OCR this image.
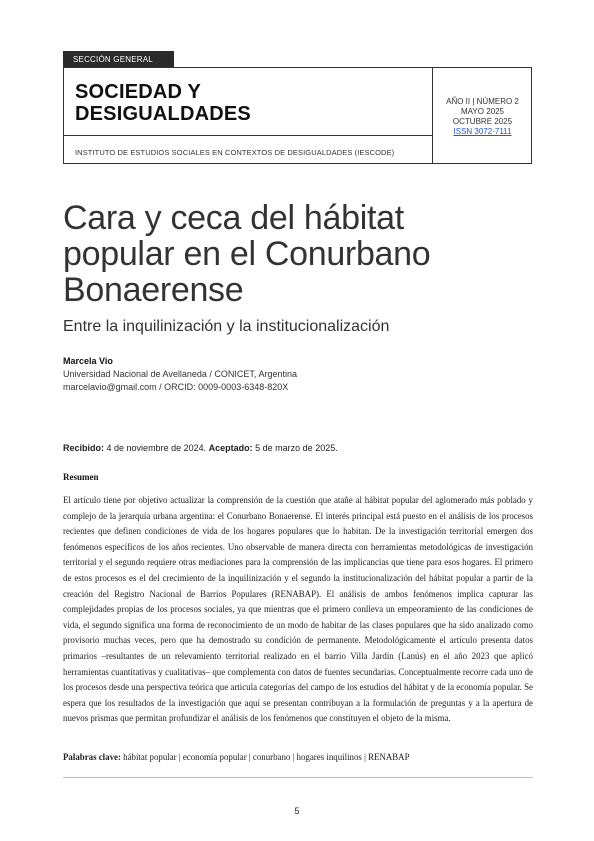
SECCIÓN GENERAL
SOCIEDAD Y
DESIGUALDADES
AÑO II | NÚMERO 2
MAYO 2025
OCTUBRE 2025
ISSN 3072-7111
INSTITUTO DE ESTUDIOS SOCIALES EN CONTEXTOS DE DESIGUALDADES (IESCODE)
Cara y ceca del hábitat
popular en el Conurbano
Bonaerense
Entre la inquilinización y la institucionalización
Marcela Vio
Universidad Nacional de Avellaneda / CONICET, Argentina
marcelavio@gmail.com / ORCID: 0009-0003-6348-820X
Recibido: 4 de noviembre de 2024. Aceptado: 5 de marzo de 2025.
Resumen
El artículo tiene por objetivo actualizar la comprensión de la cuestión que atañe al hábitat popular del aglomerado más poblado y complejo de la jerarquía urbana argentina: el Conurbano Bonaerense. El interés principal está puesto en el análisis de los procesos recientes que definen condiciones de vida de los hogares populares que lo habitan. De la investigación territorial emergen dos fenómenos específicos de los años recientes. Uno observable de manera directa con herramientas metodológicas de investigación territorial y el segundo requiere otras mediaciones para la comprensión de las implicancias que tiene para esos hogares. El primero de estos procesos es el del crecimiento de la inquilinización y el segundo la institucionalización del hábitat popular a partir de la creación del Registro Nacional de Barrios Populares (RENABAP). El análisis de ambos fenómenos implica capturar las complejidades propias de los procesos sociales, ya que mientras que el primero conlleva un empeoramiento de las condiciones de vida, el segundo significa una forma de reconocimiento de un modo de habitar de las clases populares que ha sido analizado como provisorio muchas veces, pero que ha demostrado su condición de permanente. Metodológicamente el artículo presenta datos primarios –resultantes de un relevamiento territorial realizado en el barrio Villa Jardín (Lanús) en el año 2023 que aplicó herramientas cuantitativas y cualitativas– que complementa con datos de fuentes secundarias. Conceptualmente recorre cada uno de los procesos desde una perspectiva teórica que articula categorías del campo de los estudios del hábitat y de la economía popular. Se espera que los resultados de la investigación que aquí se presentan contribuyan a la formulación de preguntas y a la apertura de nuevos prismas que permitan profundizar el análisis de los fenómenos que constituyen el objeto de la misma.
Palabras clave: hábitat popular | economía popular | conurbano | hogares inquilinos | RENABAP
5
